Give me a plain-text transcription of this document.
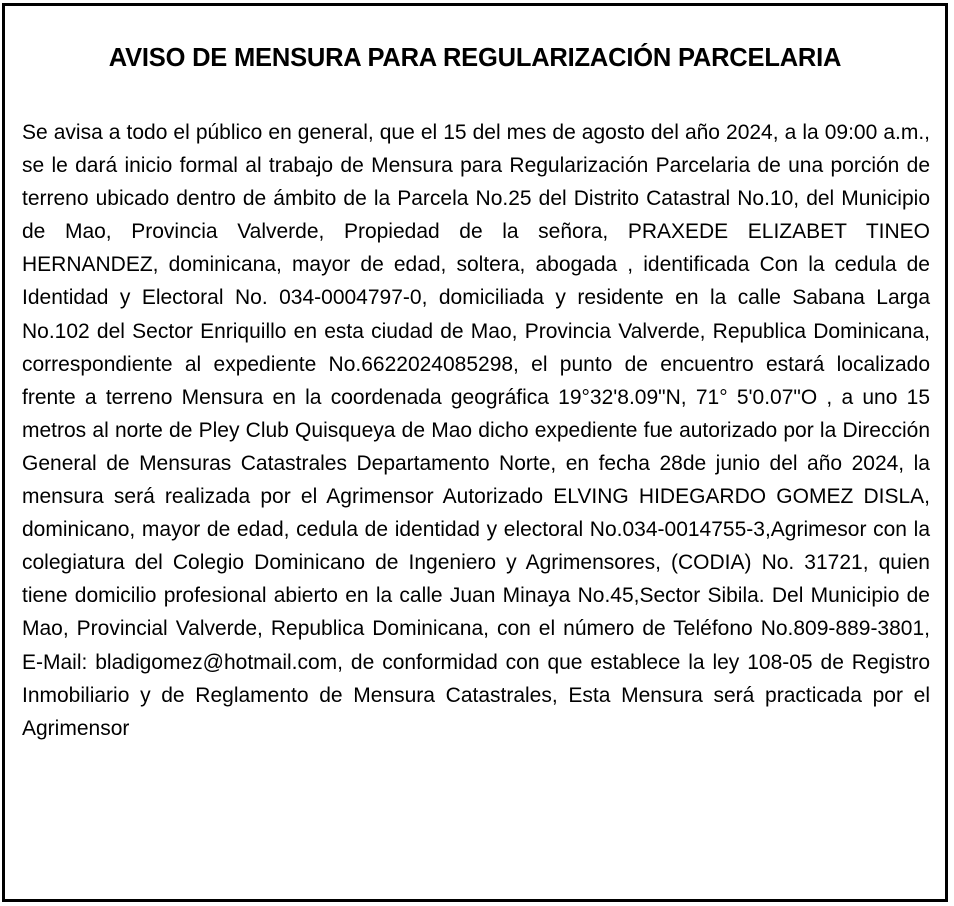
AVISO DE MENSURA PARA REGULARIZACIÓN PARCELARIA

Se avisa a todo el público en general, que el 15 del mes de agosto del año 2024, a la 09:00 a.m., se le dará inicio formal al trabajo de Mensura para Regularización Parcelaria de una porción de terreno ubicado dentro de ámbito de la Parcela No.25 del Distrito Catastral No.10, del Municipio de Mao, Provincia Valverde, Propiedad de la señora, PRAXEDE ELIZABET TINEO HERNANDEZ, dominicana, mayor de edad, soltera, abogada , identificada Con la cedula de Identidad y Electoral No. 034-0004797-0, domiciliada y residente en la calle Sabana Larga No.102 del Sector Enriquillo en esta ciudad de Mao, Provincia Valverde, Republica Dominicana, correspondiente al expediente No.6622024085298, el punto de encuentro estará localizado frente a terreno Mensura en la coordenada geográfica 19°32'8.09"N, 71° 5'0.07"O , a uno 15 metros al norte de Pley Club Quisqueya de Mao dicho expediente fue autorizado por la Dirección General de Mensuras Catastrales Departamento Norte, en fecha 28de junio del año 2024, la mensura será realizada por el Agrimensor Autorizado ELVING HIDEGARDO GOMEZ DISLA, dominicano, mayor de edad, cedula de identidad y electoral No.034-0014755-3,Agrimesor con la colegiatura del Colegio Dominicano de Ingeniero y Agrimensores, (CODIA) No. 31721, quien tiene domicilio profesional abierto en la calle Juan Minaya No.45,Sector Sibila. Del Municipio de Mao, Provincial Valverde, Republica Dominicana, con el número de Teléfono No.809-889-3801, E-Mail: bladigomez@hotmail.com, de conformidad con que establece la ley 108-05 de Registro Inmobiliario y de Reglamento de Mensura Catastrales, Esta Mensura será practicada por el Agrimensor
